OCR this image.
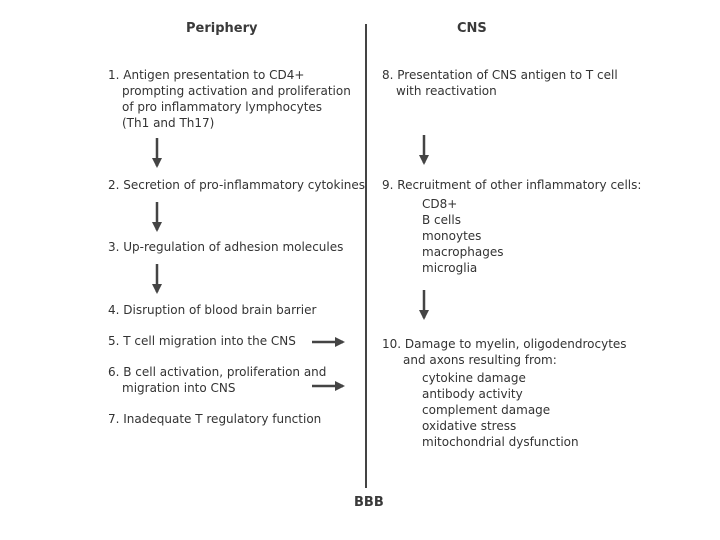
Periphery	CNS
BBB
1. Antigen presentation to CD4+
prompting activation and proliferation
of pro inflammatory lymphocytes
(Th1 and Th17)
2. Secretion of pro-inflammatory cytokines
3. Up-regulation of adhesion molecules
4. Disruption of blood brain barrier
5. T cell migration into the CNS
6. B cell activation, proliferation and
migration into CNS
7. Inadequate T regulatory function
8. Presentation of CNS antigen to T cell
with reactivation
9. Recruitment of other inflammatory cells:
CD8+
B cells
monoytes
macrophages
microglia
10. Damage to myelin, oligodendrocytes
and axons resulting from:
cytokine damage
antibody activity
complement damage
oxidative stress
mitochondrial dysfunction
